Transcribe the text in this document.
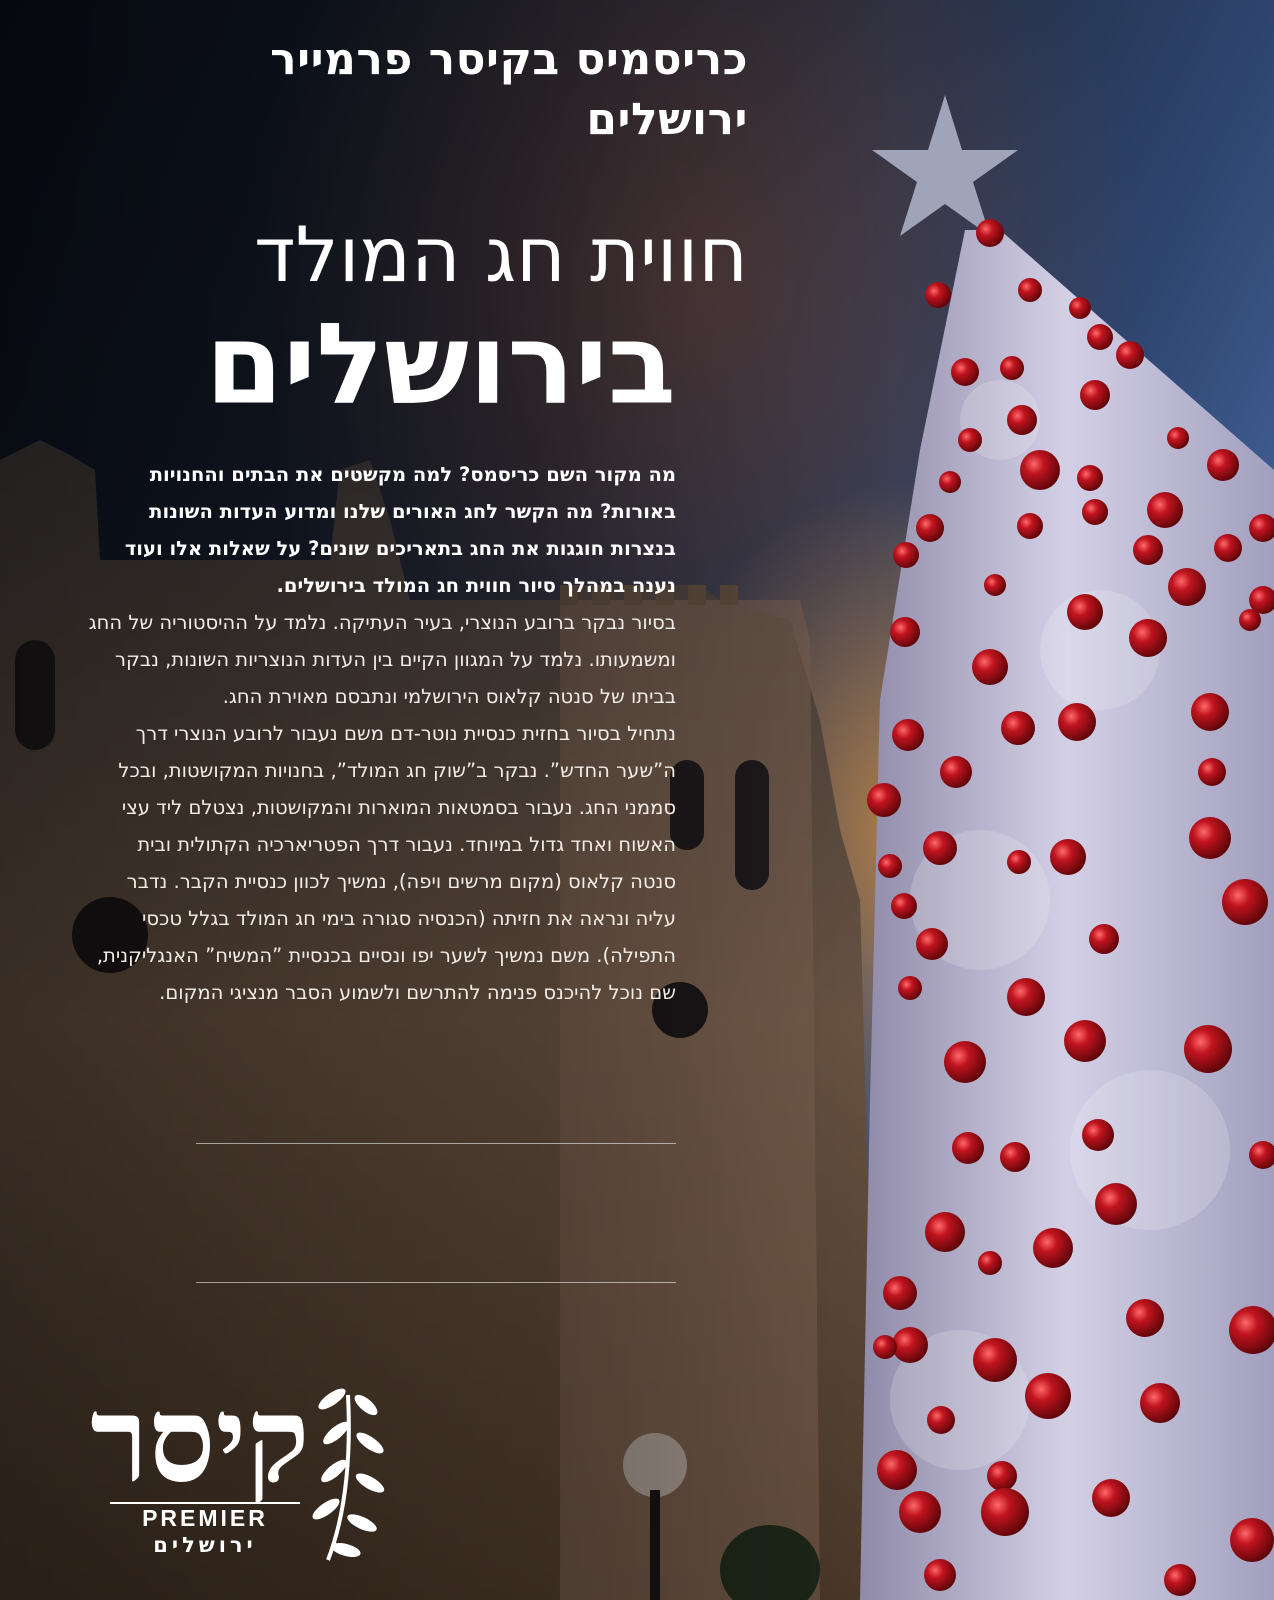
כריסמיס בקיסר פרמייר ירושלים
חווית חג המולד
בירושלים
מה מקור השם כריסמס? למה מקשטים את הבתים והחנויות באורות? מה הקשר לחג האורים שלנו ומדוע העדות השונות בנצרות חוגגות את החג בתאריכים שונים? על שאלות אלו ועוד נענה במהלך סיור חווית חג המולד בירושלים.
בסיור נבקר ברובע הנוצרי, בעיר העתיקה. נלמד על ההיסטוריה של החג ומשמעותו. נלמד על המגוון הקיים בין העדות הנוצריות השונות, נבקר בביתו של סנטה קלאוס הירושלמי ונתבסם מאוירת החג.
נתחיל בסיור בחזית כנסיית נוטר-דם משם נעבור לרובע הנוצרי דרך ה”שער החדש”. נבקר ב”שוק חג המולד”, בחנויות המקושטות, ובכל סממני החג. נעבור בסמטאות המוארות והמקושטות, נצטלם ליד עצי האשוח ואחד גדול במיוחד. נעבור דרך הפטריארכיה הקתולית ובית סנטה קלאוס (מקום מרשים ויפה), נמשיך לכוון כנסיית הקבר. נדבר עליה ונראה את חזיתה (הכנסיה סגורה בימי חג המולד בגלל טכסי התפילה). משם נמשיך לשער יפו ונסיים בכנסיית ”המשיח” האנגליקנית, שם נוכל להיכנס פנימה להתרשם ולשמוע הסבר מנציגי המקום.
קיסר
PREMIER
ירושלים
